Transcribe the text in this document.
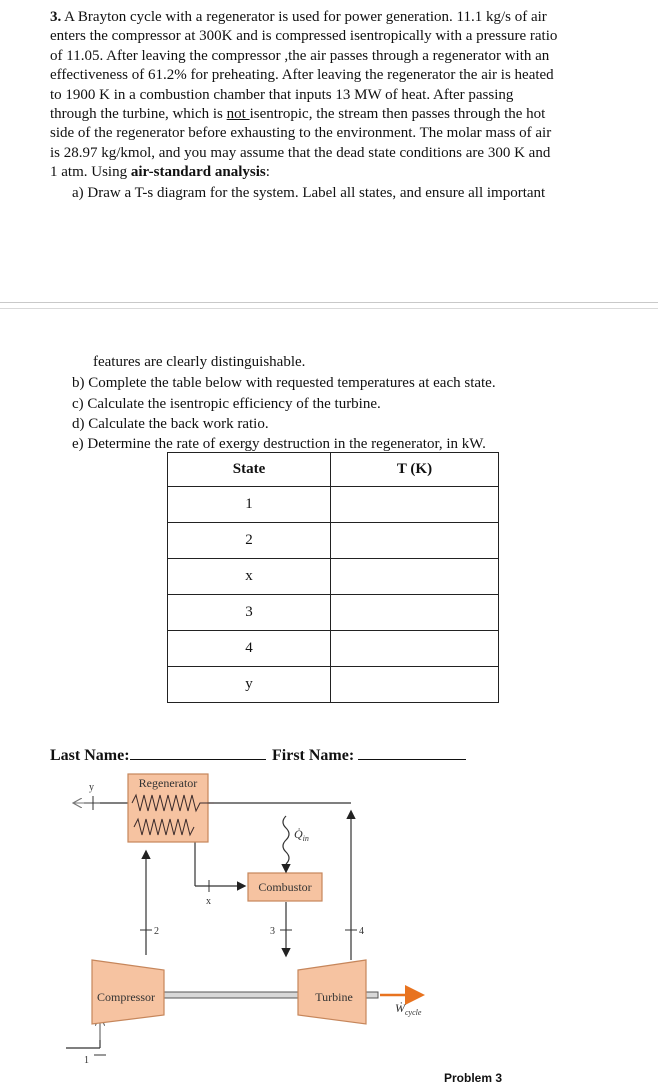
3. A Brayton cycle with a regenerator is used for power generation. 11.1 kg/s of air
enters the compressor at 300K and is compressed isentropically with a pressure ratio
of 11.05. After leaving the compressor ,the air passes through a regenerator with an
effectiveness of 61.2% for preheating. After leaving the regenerator the air is heated
to 1900 K in a combustion chamber that inputs 13 MW of heat. After passing
through the turbine, which is not isentropic, the stream then passes through the hot
side of the regenerator before exhausting to the environment. The molar mass of air
is 28.97 kg/kmol, and you may assume that the dead state conditions are 300 K and
1 atm. Using air-standard analysis:

a) Draw a T-s diagram for the system. Label all states, and ensure all important

features are clearly distinguishable.

b) Complete the table below with requested temperatures at each state.

c) Calculate the isentropic efficiency of the turbine.

d) Calculate the back work ratio.

e) Determine the rate of exergy destruction in the regenerator, in kW.

State	T (K)
1	
2	
x	
3	
4	
y	
Last Name:	First Name:
Regenerator
Combustor
$Q̇_{in}$
Compressor	Turbine
Ẇ$_{cycle}$
1
2
x
3	4
y
Problem 3
